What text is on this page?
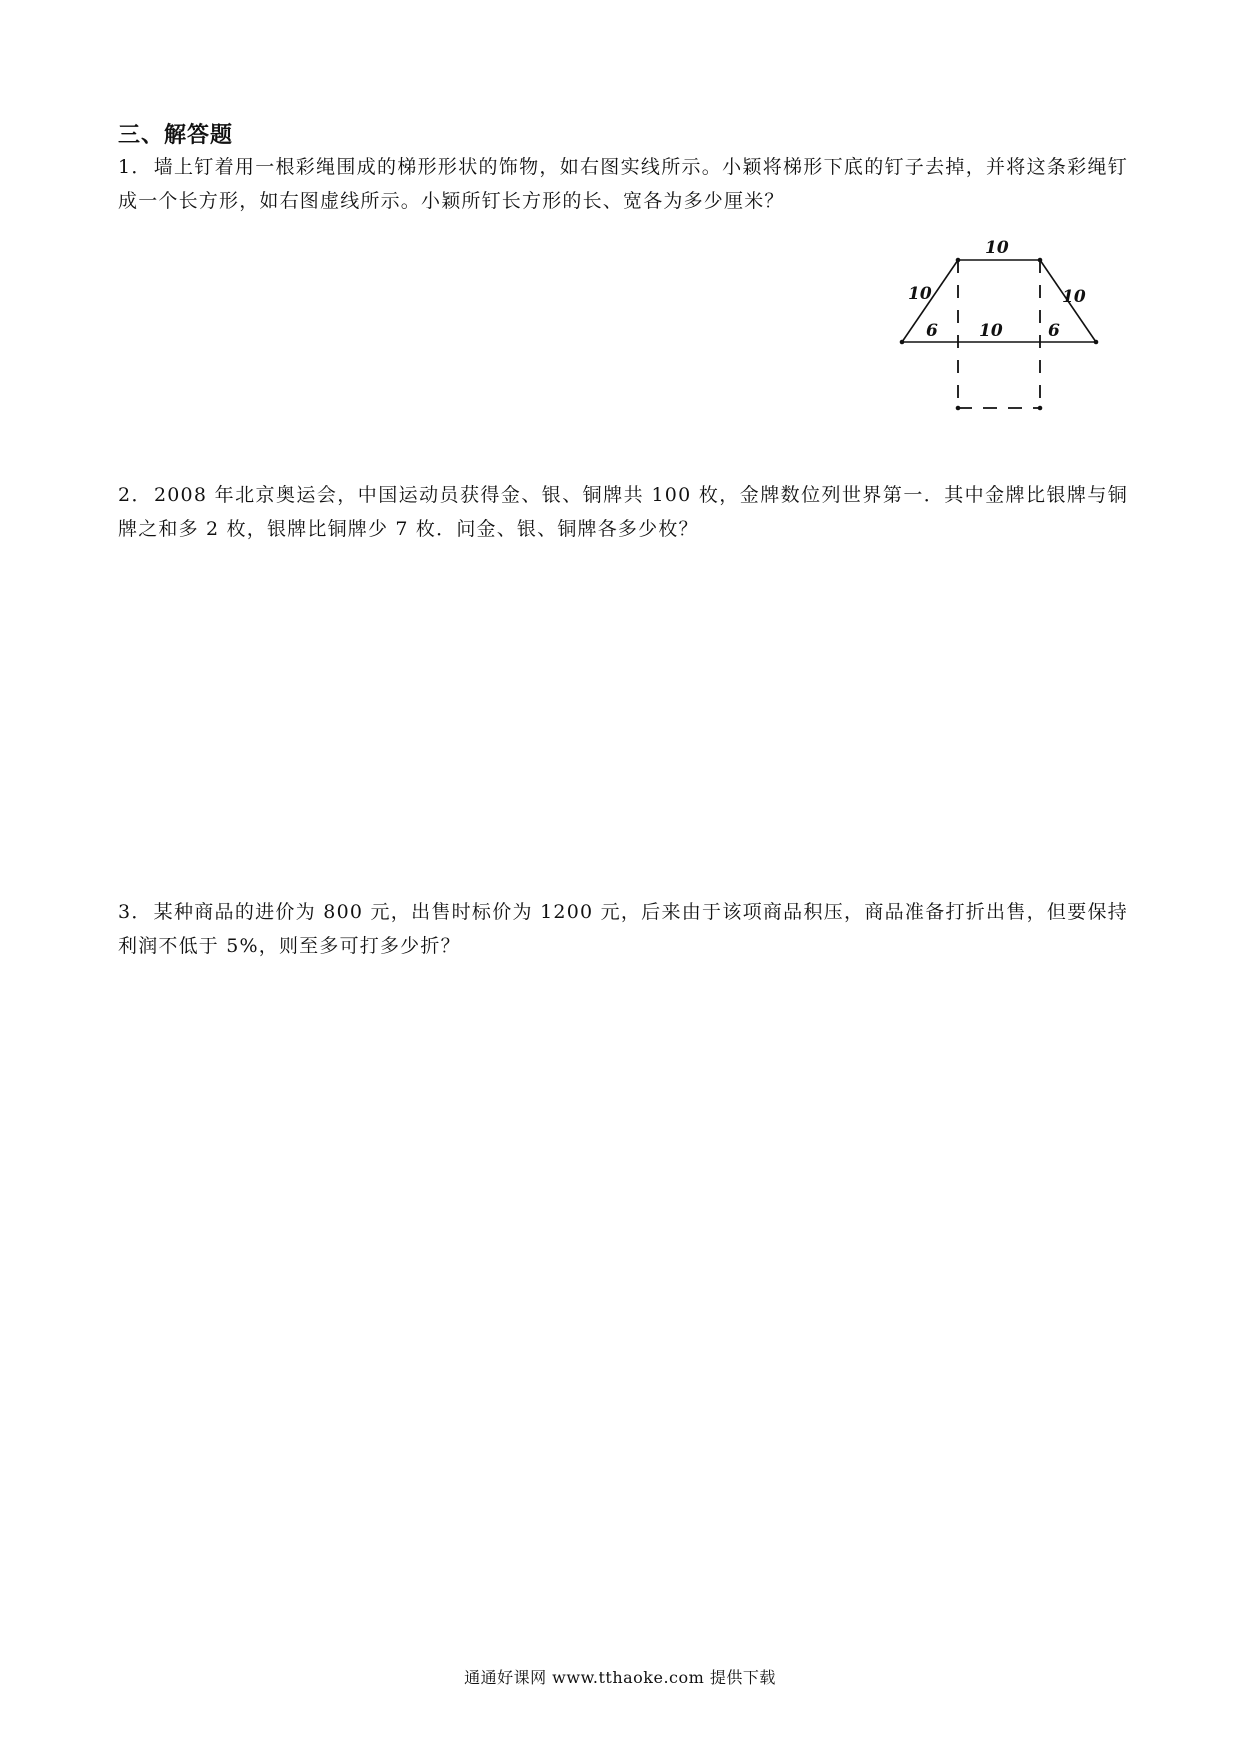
三、解答题
1． 墙上钉着用一根彩绳围成的梯形形状的饰物，如右图实线所示。小颖将梯形下底的钉子去掉，并将这条彩绳钉成一个长方形，如右图虚线所示。小颖所钉长方形的长、宽各为多少厘米？
10
10	10
6 10	6
2． 2008 年北京奥运会，中国运动员获得金、银、铜牌共 100 枚，金牌数位列世界第一．其中金牌比银牌与铜牌之和多 2 枚，银牌比铜牌少 7 枚．问金、银、铜牌各多少枚？
3． 某种商品的进价为 800 元，出售时标价为 1200 元，后来由于该项商品积压，商品准备打折出售，但要保持利润不低于 5%，则至多可打多少折？
通通好课网 www.tthaoke.com 提供下载
